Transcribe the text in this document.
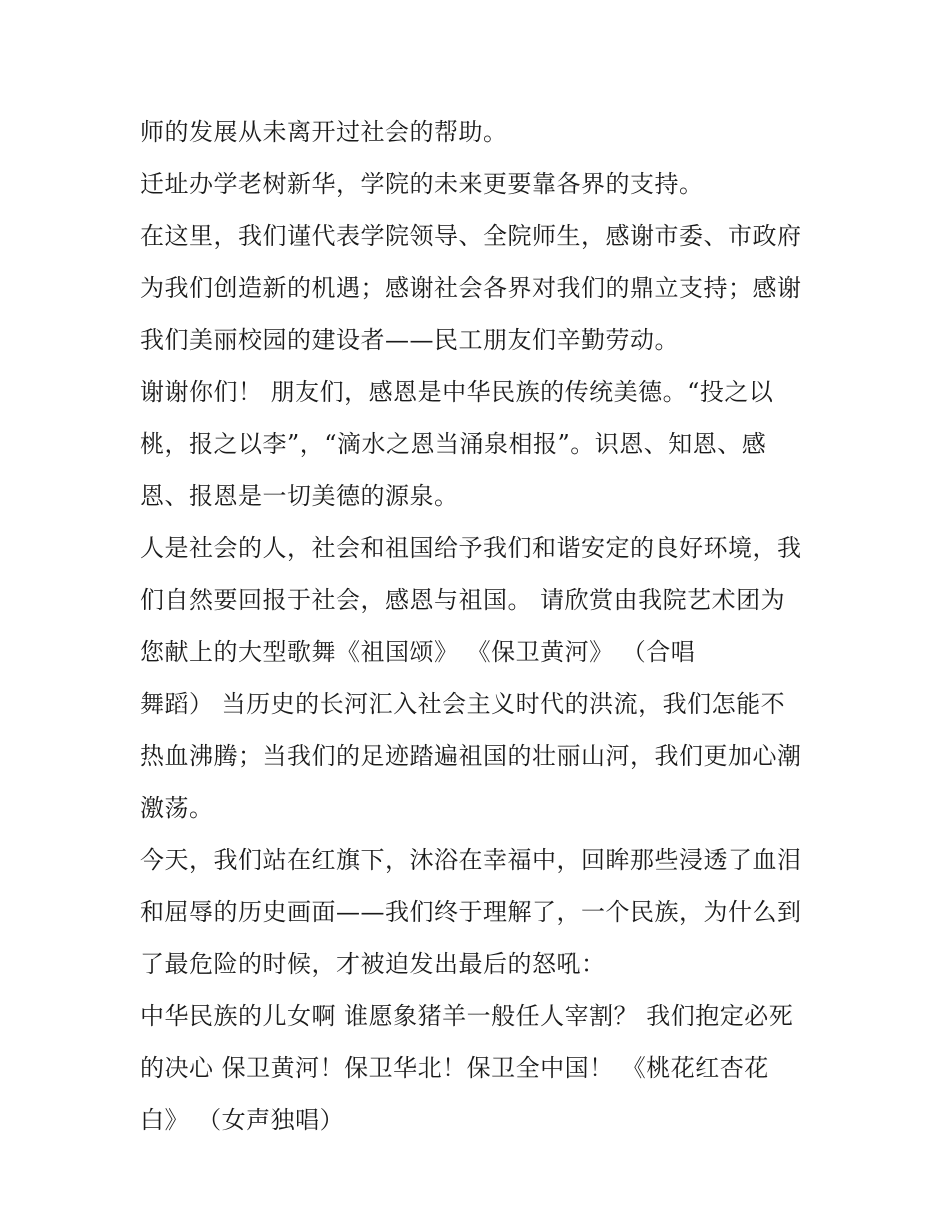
师的发展从未离开过社会的帮助。
迁址办学老树新华，学院的未来更要靠各界的支持。
在这里，我们谨代表学院领导、全院师生，感谢市委、市政府
为我们创造新的机遇；感谢社会各界对我们的鼎立支持；感谢
我们美丽校园的建设者——民工朋友们辛勤劳动。
谢谢你们！ 朋友们，感恩是中华民族的传统美德。“投之以
桃，报之以李”，“滴水之恩当涌泉相报”。识恩、知恩、感
恩、报恩是一切美德的源泉。
人是社会的人，社会和祖国给予我们和谐安定的良好环境，我
们自然要回报于社会，感恩与祖国。 请欣赏由我院艺术团为
您献上的大型歌舞《祖国颂》 《保卫黄河》 （合唱
舞蹈） 当历史的长河汇入社会主义时代的洪流，我们怎能不
热血沸腾；当我们的足迹踏遍祖国的壮丽山河，我们更加心潮
激荡。
今天，我们站在红旗下，沐浴在幸福中，回眸那些浸透了血泪
和屈辱的历史画面——我们终于理解了，一个民族，为什么到
了最危险的时候，才被迫发出最后的怒吼：
中华民族的儿女啊 谁愿象猪羊一般任人宰割？ 我们抱定必死
的决心 保卫黄河！保卫华北！保卫全中国！ 《桃花红杏花
白》 （女声独唱）
